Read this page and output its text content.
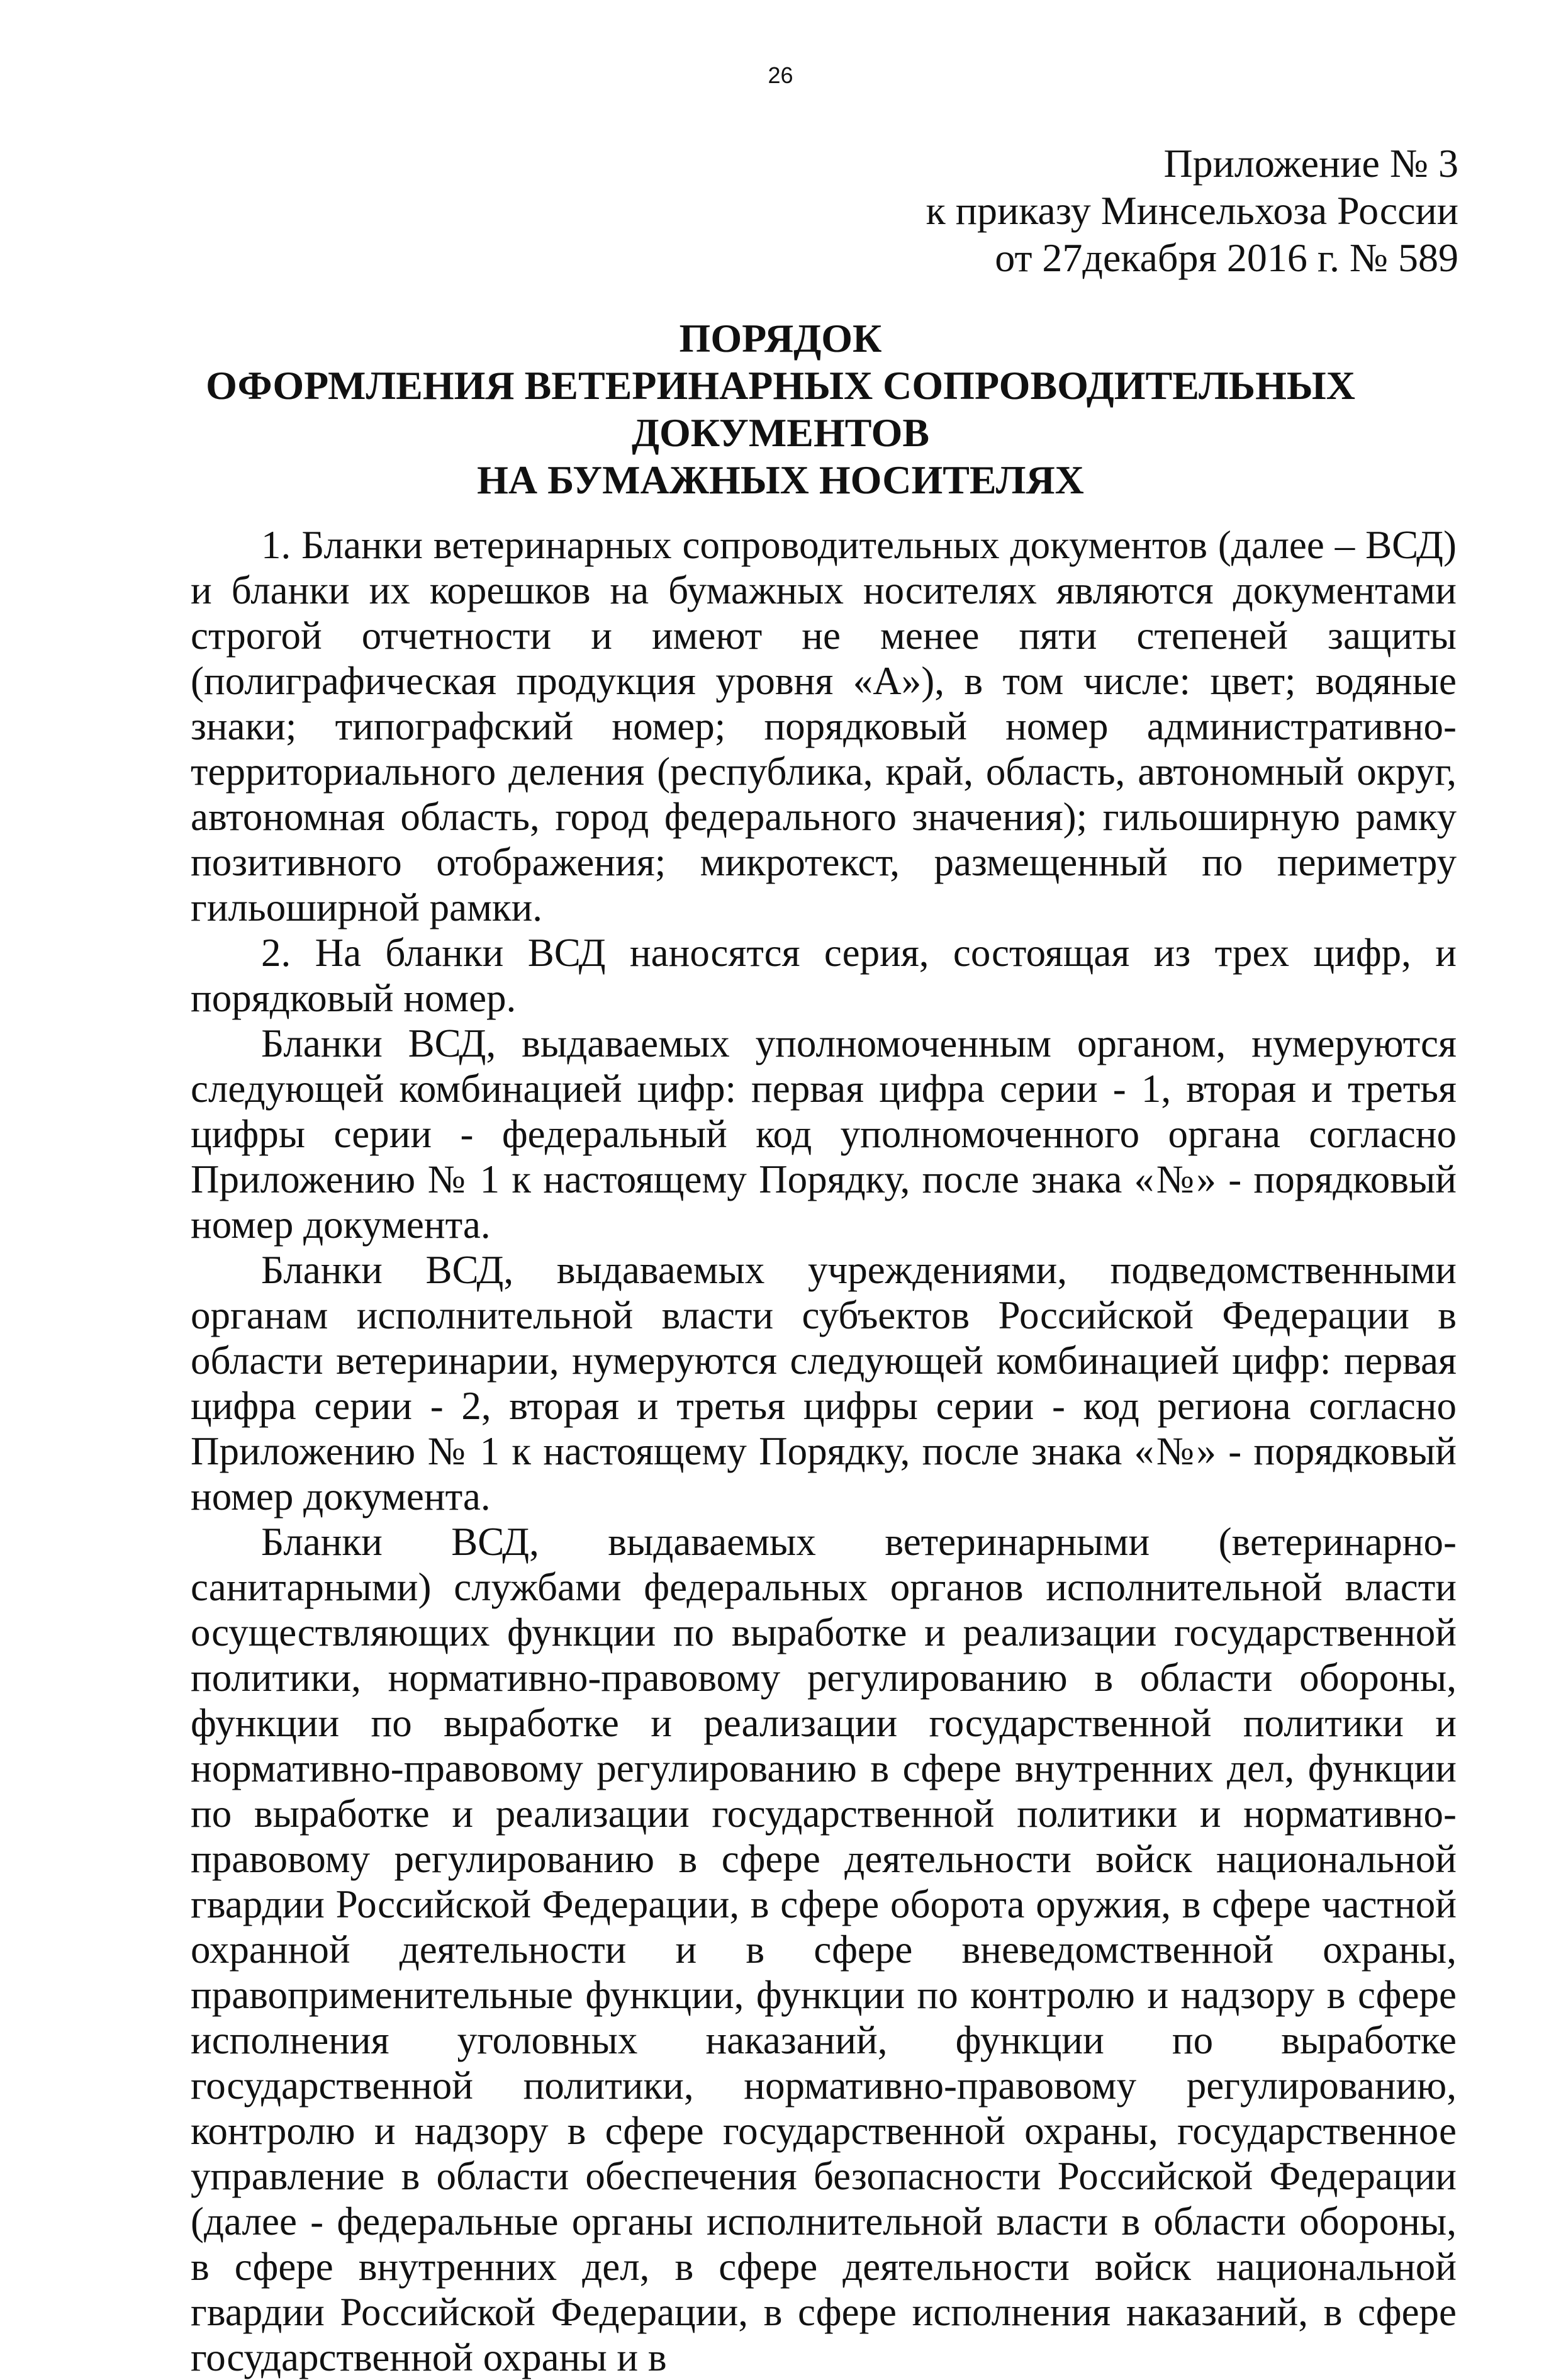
26
Приложение № 3
к приказу Минсельхоза России
от 27декабря 2016 г. № 589
ПОРЯДОК
ОФОРМЛЕНИЯ ВЕТЕРИНАРНЫХ СОПРОВОДИТЕЛЬНЫХ
ДОКУМЕНТОВ
НА БУМАЖНЫХ НОСИТЕЛЯХ

1. Бланки ветеринарных сопроводительных документов (далее – ВСД) и бланки их корешков на бумажных носителях являются документами строгой отчетности и имеют не менее пяти степеней защиты (полиграфическая продукция уровня «А»), в том числе: цвет; водяные знаки; типографский номер; порядковый номер административно-территориального деления (республика, край, область, автономный округ, автономная область, город федерального значения); гильоширную рамку позитивного отображения; микротекст, размещенный по периметру гильоширной рамки.

2. На бланки ВСД наносятся серия, состоящая из трех цифр, и порядковый номер.

Бланки ВСД, выдаваемых уполномоченным органом, нумеруются следующей комбинацией цифр: первая цифра серии - 1, вторая и третья цифры серии - федеральный код уполномоченного органа согласно Приложению № 1 к настоящему Порядку, после знака «№» - порядковый номер документа.

Бланки ВСД, выдаваемых учреждениями, подведомственными органам исполнительной власти субъектов Российской Федерации в области ветеринарии, нумеруются следующей комбинацией цифр: первая цифра серии - 2, вторая и третья цифры серии - код региона согласно Приложению № 1 к настоящему Порядку, после знака «№» - порядковый номер документа.

Бланки ВСД, выдаваемых ветеринарными (ветеринарно-санитарными) службами федеральных органов исполнительной власти осуществляющих функции по выработке и реализации государственной политики, нормативно-правовому регулированию в области обороны, функции по выработке и реализации государственной политики и нормативно-правовому регулированию в сфере внутренних дел, функции по выработке и реализации государственной политики и нормативно-правовому регулированию в сфере деятельности войск национальной гвардии Российской Федерации, в сфере оборота оружия, в сфере частной охранной деятельности и в сфере вневедомственной охраны, правоприменительные функции, функции по контролю и надзору в сфере исполнения уголовных наказаний, функции по выработке государственной политики, нормативно-правовому регулированию, контролю и надзору в сфере государственной охраны, государственное управление в области обеспечения безопасности Российской Федерации (далее - федеральные органы исполнительной власти в области обороны, в сфере внутренних дел, в сфере деятельности войск национальной гвардии Российской Федерации, в сфере исполнения наказаний, в сфере государственной охраны и в
